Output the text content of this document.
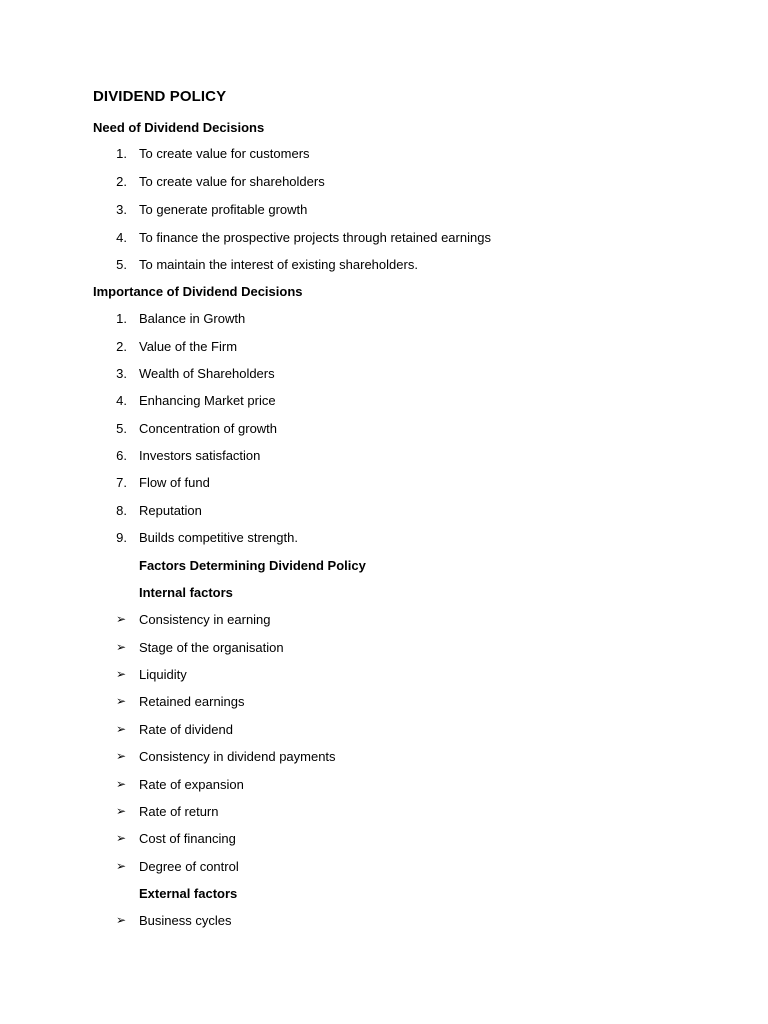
DIVIDEND POLICY
Need of Dividend Decisions
1. To create value for customers
2. To create value for shareholders
3. To generate profitable growth
4. To finance the prospective projects through retained earnings
5. To maintain the interest of existing shareholders.
Importance of Dividend Decisions
1. Balance in Growth
2. Value of the Firm
3. Wealth of Shareholders
4. Enhancing Market price
5. Concentration of growth
6. Investors satisfaction
7. Flow of fund
8. Reputation
9. Builds competitive strength.
Factors Determining Dividend Policy
Internal factors
➢ Consistency in earning
➢ Stage of the organisation
➢ Liquidity
➢ Retained earnings
➢ Rate of dividend
➢ Consistency in dividend payments
➢ Rate of expansion
➢ Rate of return
➢ Cost of financing
➢ Degree of control
External factors
➢ Business cycles
